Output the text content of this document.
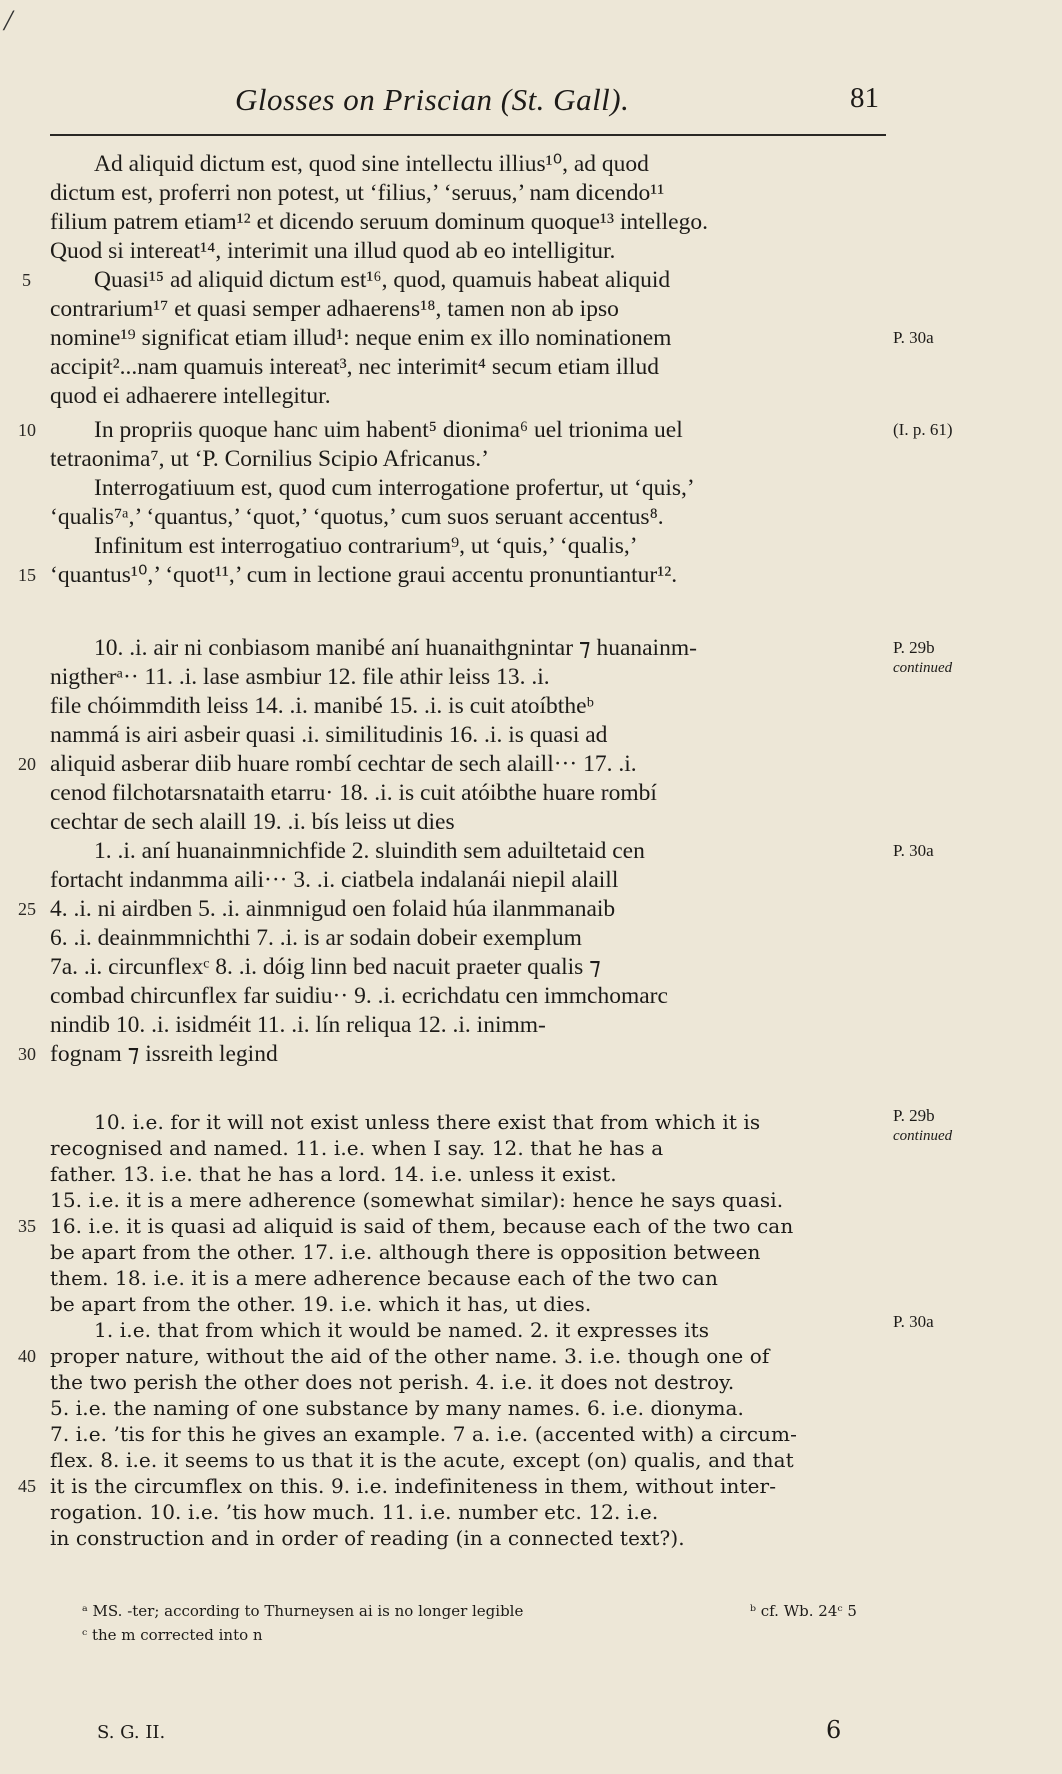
/
Glosses on Priscian (St. Gall).	81
Ad aliquid dictum est, quod sine intellectu illius¹⁰, ad quod
dictum est, proferri non potest, ut ‘filius,’ ‘seruus,’ nam dicendo¹¹
filium patrem etiam¹² et dicendo seruum dominum quoque¹³ intellego.
Quod si intereat¹⁴, interimit una illud quod ab eo intelligitur.
Quasi¹⁵ ad aliquid dictum est¹⁶, quod, quamuis habeat aliquid
contrarium¹⁷ et quasi semper adhaerens¹⁸, tamen non ab ipso
nomine¹⁹ significat etiam illud¹: neque enim ex illo nominationem
accipit²...nam quamuis intereat³, nec interimit⁴ secum etiam illud
quod ei adhaerere intellegitur.
In propriis quoque hanc uim habent⁵ dionima⁶ uel trionima uel
tetraonima⁷, ut ‘P. Cornilius Scipio Africanus.’
Interrogatiuum est, quod cum interrogatione profertur, ut ‘quis,’
‘qualis⁷ᵃ,’ ‘quantus,’ ‘quot,’ ‘quotus,’ cum suos seruant accentus⁸.
Infinitum est interrogatiuo contrarium⁹, ut ‘quis,’ ‘qualis,’
‘quantus¹⁰,’ ‘quot¹¹,’ cum in lectione graui accentu pronuntiantur¹².
5
10
15
P. 30a
(I. p. 61)
10. .i. air ni conbiasom manibé aní huanaithgnintar ⁊ huanainm-
nigtherᵃ·· 11. .i. lase asmbiur 12. file athir leiss 13. .i.
file chóimmdith leiss 14. .i. manibé 15. .i. is cuit atoíbtheᵇ
nammá is airi asbeir quasi .i. similitudinis 16. .i. is quasi ad
aliquid asberar diib huare rombí cechtar de sech alaill··· 17. .i.
cenod filchotarsnataith etarru· 18. .i. is cuit atóibthe huare rombí
cechtar de sech alaill 19. .i. bís leiss ut dies
1. .i. aní huanainmnichfide 2. sluindith sem aduiltetaid cen
fortacht indanmma aili··· 3. .i. ciatbela indalanái niepil alaill
4. .i. ni airdben 5. .i. ainmnigud oen folaid húa ilanmmanaib
6. .i. deainmmnichthi 7. .i. is ar sodain dobeir exemplum
7a. .i. circunflexᶜ 8. .i. dóig linn bed nacuit praeter qualis ⁊
combad chircunflex far suidiu·· 9. .i. ecrichdatu cen immchomarc
nindib 10. .i. isidméit 11. .i. lín reliqua 12. .i. inimm-
fognam ⁊ issreith legind
20
25
30
P. 29b
continued
P. 30a
10. i.e. for it will not exist unless there exist that from which it is
recognised and named. 11. i.e. when I say. 12. that he has a
father. 13. i.e. that he has a lord. 14. i.e. unless it exist.
15. i.e. it is a mere adherence (somewhat similar): hence he says quasi.
16. i.e. it is quasi ad aliquid is said of them, because each of the two can
be apart from the other. 17. i.e. although there is opposition between
them. 18. i.e. it is a mere adherence because each of the two can
be apart from the other. 19. i.e. which it has, ut dies.
1. i.e. that from which it would be named. 2. it expresses its
proper nature, without the aid of the other name. 3. i.e. though one of
the two perish the other does not perish. 4. i.e. it does not destroy.
5. i.e. the naming of one substance by many names. 6. i.e. dionyma.
7. i.e. ’tis for this he gives an example. 7 a. i.e. (accented with) a circum-
flex. 8. i.e. it seems to us that it is the acute, except (on) qualis, and that
it is the circumflex on this. 9. i.e. indefiniteness in them, without inter-
rogation. 10. i.e. ’tis how much. 11. i.e. number etc. 12. i.e.
in construction and in order of reading (in a connected text?).
35
40
45
P. 29b
continued
P. 30a
ᵃ MS. -ter; according to Thurneysen ai is no longer legible	ᵇ cf. Wb. 24ᶜ 5
ᶜ the m corrected into n
S. G. II.	6
